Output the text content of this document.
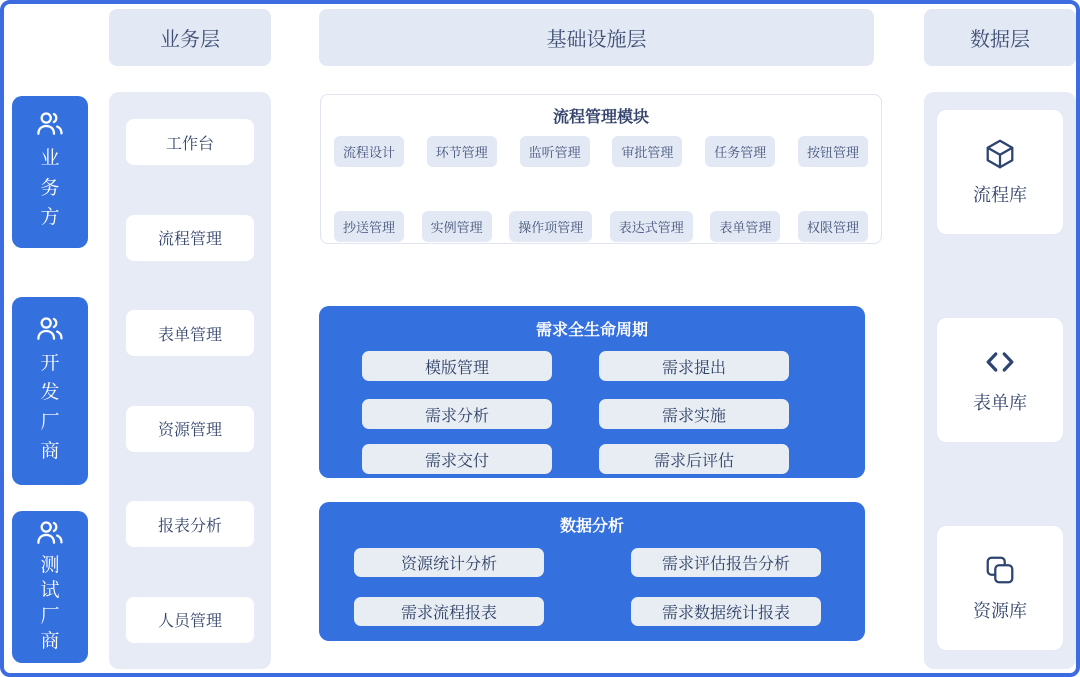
业务方
开发厂商
测试厂商
业务层	基础设施层	数据层
工作台
流程管理
表单管理
资源管理
报表分析
人员管理
流程管理模块
流程设计	环节管理	监听管理	审批管理	任务管理	按钮管理
抄送管理	实例管理	操作项管理	表达式管理	表单管理	权限管理
需求全生命周期
模版管理	需求提出
需求分析	需求实施
需求交付	需求后评估
数据分析
资源统计分析	需求评估报告分析
需求流程报表	需求数据统计报表
流程库
表单库
资源库
